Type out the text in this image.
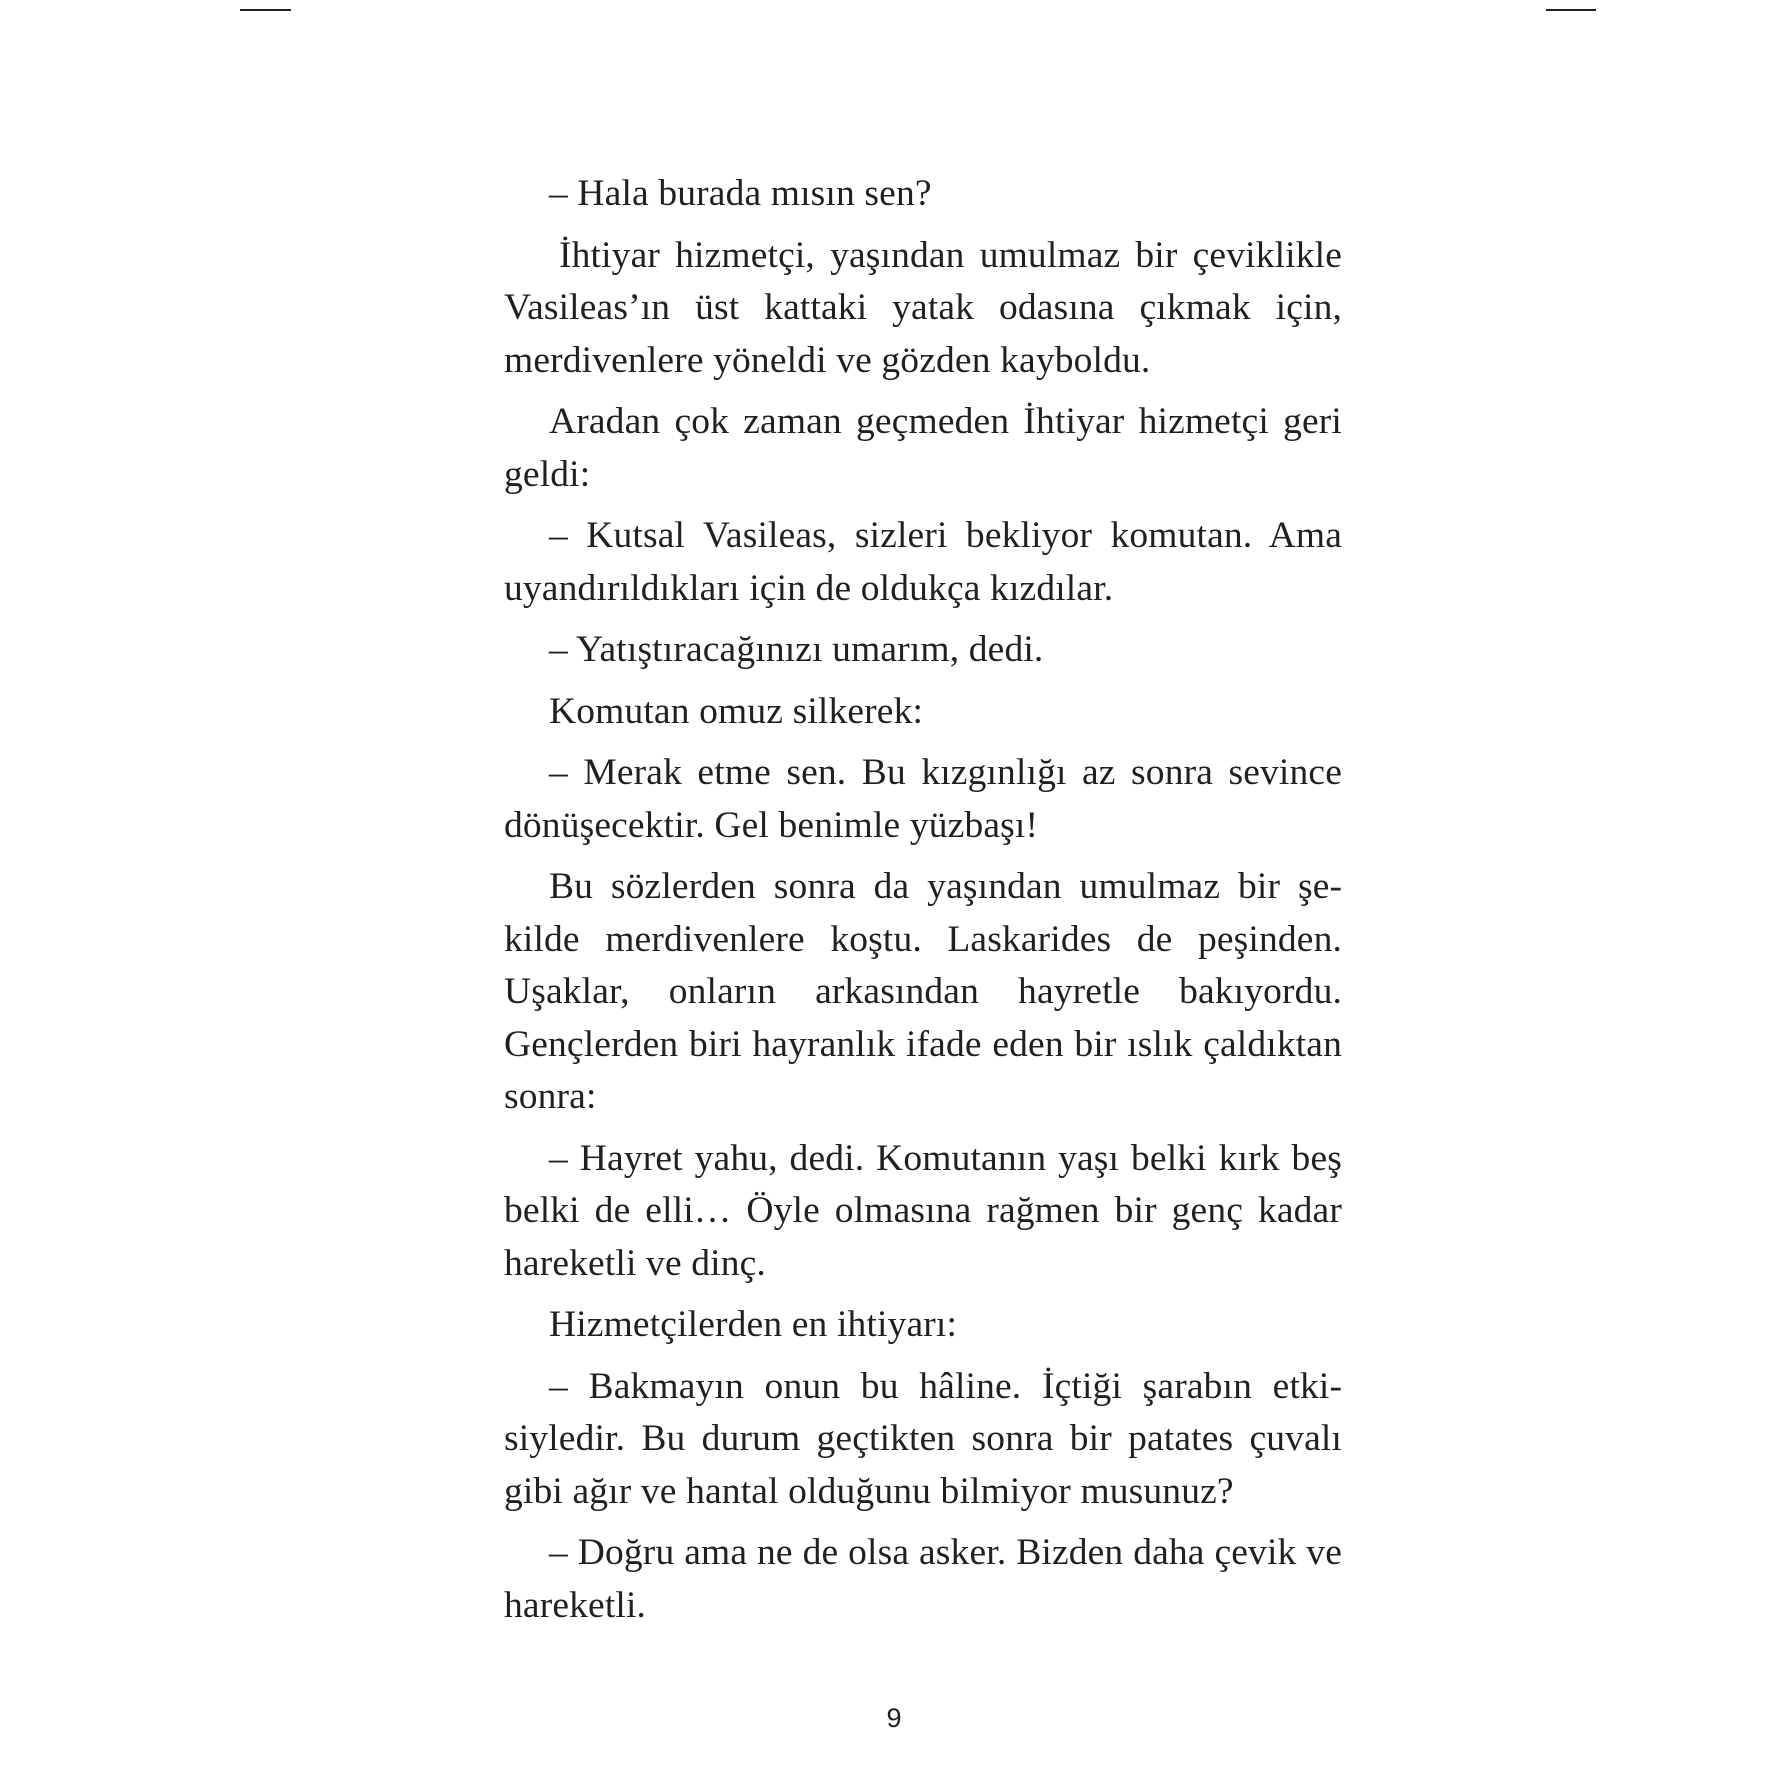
– Hala burada mısın sen?

İhtiyar hizmetçi, yaşından umulmaz bir çeviklikle Vasileas’ın üst kattaki yatak odasına çıkmak için, merdivenlere yöneldi ve gözden kayboldu.

Aradan çok zaman geçmeden İhtiyar hizmetçi geri geldi:

– Kutsal Vasileas, sizleri bekliyor komutan. Ama uyandırıldıkları için de oldukça kızdılar.

– Yatıştıracağınızı umarım, dedi.

Komutan omuz silkerek:

– Merak etme sen. Bu kızgınlığı az sonra sevince dönüşecektir. Gel benimle yüzbaşı!

Bu sözlerden sonra da yaşından umulmaz bir şekilde merdivenlere koştu. Laskarides de peşinden. Uşaklar, onların arkasından hayretle bakıyordu. Gençlerden biri hayranlık ifade eden bir ıslık çaldıktan sonra:

– Hayret yahu, dedi. Komutanın yaşı belki kırk beş belki de elli… Öyle olmasına rağmen bir genç kadar hareketli ve dinç.

Hizmetçilerden en ihtiyarı:

– Bakmayın onun bu hâline. İçtiği şarabın etkisiyledir. Bu durum geçtikten sonra bir patates çuvalı gibi ağır ve hantal olduğunu bilmiyor musunuz?

– Doğru ama ne de olsa asker. Bizden daha çevik ve hareketli.

9
